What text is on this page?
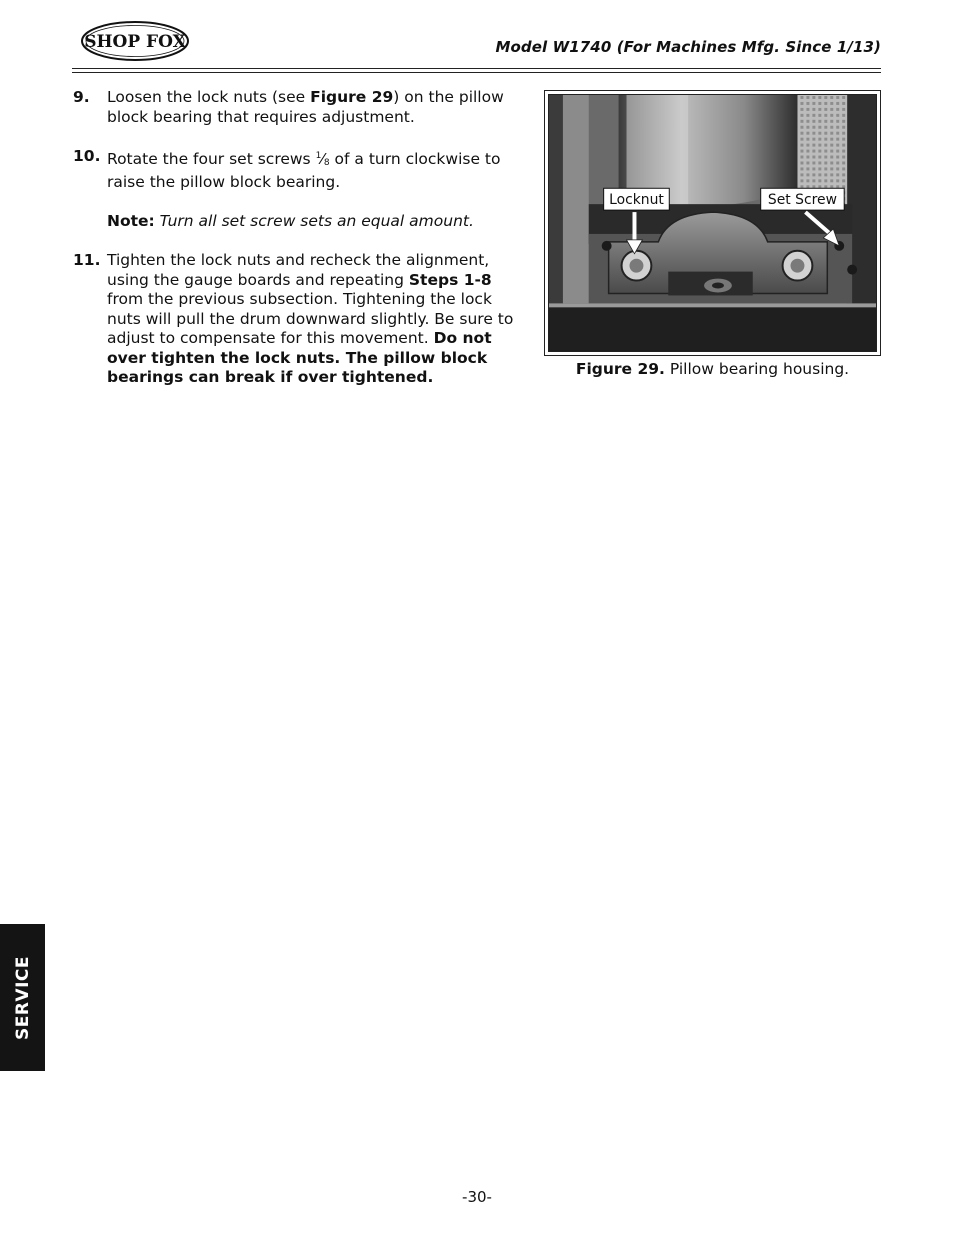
SHOP FOX	Model W1740 (For Machines Mfg. Since 1/13)
9. Loosen the lock nuts (see Figure 29) on the pillow block bearing that requires adjustment.
10. Rotate the four set screws $^1⁄_8$ of a turn clockwise to raise the pillow block bearing.
Note: Turn all set screw sets an equal amount.
11. Tighten the lock nuts and recheck the alignment, using the gauge boards and repeating Steps 1-8 from the previous subsection. Tightening the lock nuts will pull the drum downward slightly. Be sure to adjust to compensate for this movement. Do not over tighten the lock nuts. The pillow block bearings can break if over tightened.
Locknut	Set Screw
Figure 29. Pillow bearing housing.
SERVICE
-30-
